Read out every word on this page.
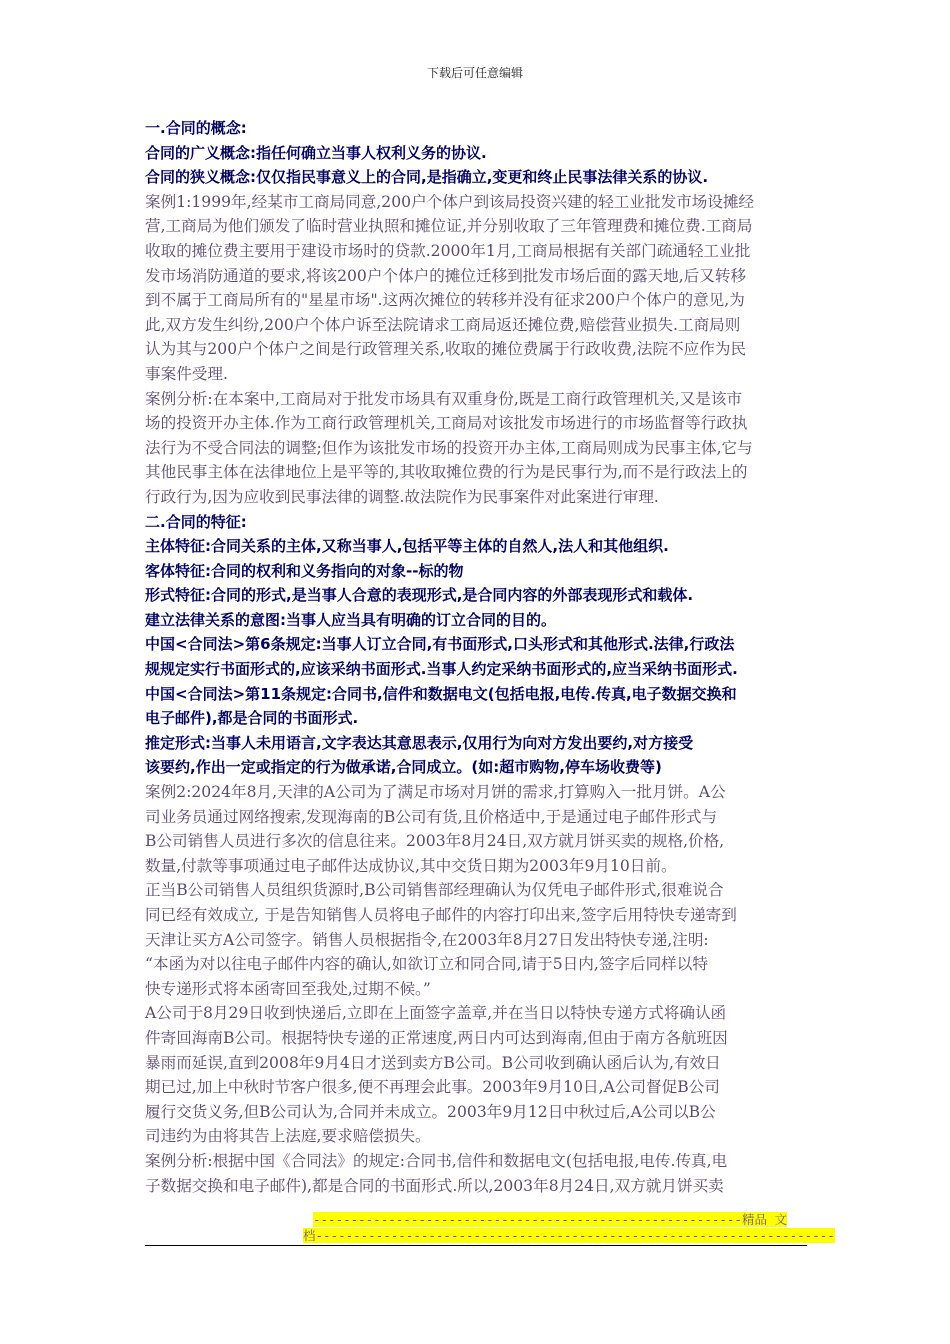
下载后可任意编辑
一.合同的概念:
合同的广义概念:指任何确立当事人权利义务的协议.
合同的狭义概念:仅仅指民事意义上的合同,是指确立,变更和终止民事法律关系的协议.
案例1:1999年,经某市工商局同意,200户个体户到该局投资兴建的轻工业批发市场设摊经
营,工商局为他们颁发了临时营业执照和摊位证,并分别收取了三年管理费和摊位费.工商局
收取的摊位费主要用于建设市场时的贷款.2000年1月,工商局根据有关部门疏通轻工业批
发市场消防通道的要求,将该200户个体户的摊位迁移到批发市场后面的露天地,后又转移
到不属于工商局所有的"星星市场".这两次摊位的转移并没有征求200户个体户的意见,为
此,双方发生纠纷,200户个体户诉至法院请求工商局返还摊位费,赔偿营业损失.工商局则
认为其与200户个体户之间是行政管理关系,收取的摊位费属于行政收费,法院不应作为民
事案件受理.
案例分析:在本案中,工商局对于批发市场具有双重身份,既是工商行政管理机关,又是该市
场的投资开办主体.作为工商行政管理机关,工商局对该批发市场进行的市场监督等行政执
法行为不受合同法的调整;但作为该批发市场的投资开办主体,工商局则成为民事主体,它与
其他民事主体在法律地位上是平等的,其收取摊位费的行为是民事行为,而不是行政法上的
行政行为,因为应收到民事法律的调整.故法院作为民事案件对此案进行审理.
二.合同的特征:
主体特征:合同关系的主体,又称当事人,包括平等主体的自然人,法人和其他组织.
客体特征:合同的权利和义务指向的对象--标的物
形式特征:合同的形式,是当事人合意的表现形式,是合同内容的外部表现形式和载体.
建立法律关系的意图:当事人应当具有明确的订立合同的目的。
中国<合同法>第6条规定:当事人订立合同,有书面形式,口头形式和其他形式.法律,行政法
规规定实行书面形式的,应该采纳书面形式.当事人约定采纳书面形式的,应当采纳书面形式.
中国<合同法>第11条规定:合同书,信件和数据电文(包括电报,电传.传真,电子数据交换和
电子邮件),都是合同的书面形式.
推定形式:当事人未用语言,文字表达其意思表示,仅用行为向对方发出要约,对方接受
该要约,作出一定或指定的行为做承诺,合同成立。(如:超市购物,停车场收费等)
案例2:2024年8月,天津的A公司为了满足市场对月饼的需求,打算购入一批月饼。A公
司业务员通过网络搜索,发现海南的B公司有货,且价格适中,于是通过电子邮件形式与
B公司销售人员进行多次的信息往来。2003年8月24日,双方就月饼买卖的规格,价格,
数量,付款等事项通过电子邮件达成协议,其中交货日期为2003年9月10日前。
正当B公司销售人员组织货源时,B公司销售部经理确认为仅凭电子邮件形式,很难说合
同已经有效成立, 于是告知销售人员将电子邮件的内容打印出来,签字后用特快专递寄到
天津让买方A公司签字。销售人员根据指令,在2003年8月27日发出特快专递,注明:
“本函为对以往电子邮件内容的确认,如欲订立和同合同,请于5日内,签字后同样以特
快专递形式将本函寄回至我处,过期不候。”
A公司于8月29日收到快递后,立即在上面签字盖章,并在当日以特快专递方式将确认函
件寄回海南B公司。根据特快专递的正常速度,两日内可达到海南,但由于南方各航班因
暴雨而延误,直到2008年9月4日才送到卖方B公司。B公司收到确认函后认为,有效日
期已过,加上中秋时节客户很多,便不再理会此事。2003年9月10日,A公司督促B公司
履行交货义务,但B公司认为,合同并未成立。2003年9月12日中秋过后,A公司以B公
司违约为由将其告上法庭,要求赔偿损失。
案例分析:根据中国《合同法》的规定:合同书,信件和数据电文(包括电报,电传.传真,电
子数据交换和电子邮件),都是合同的书面形式.所以,2003年8月24日,双方就月饼买卖
---------------------------------------------------------精品 文
档---------------------------------------------------------------------
